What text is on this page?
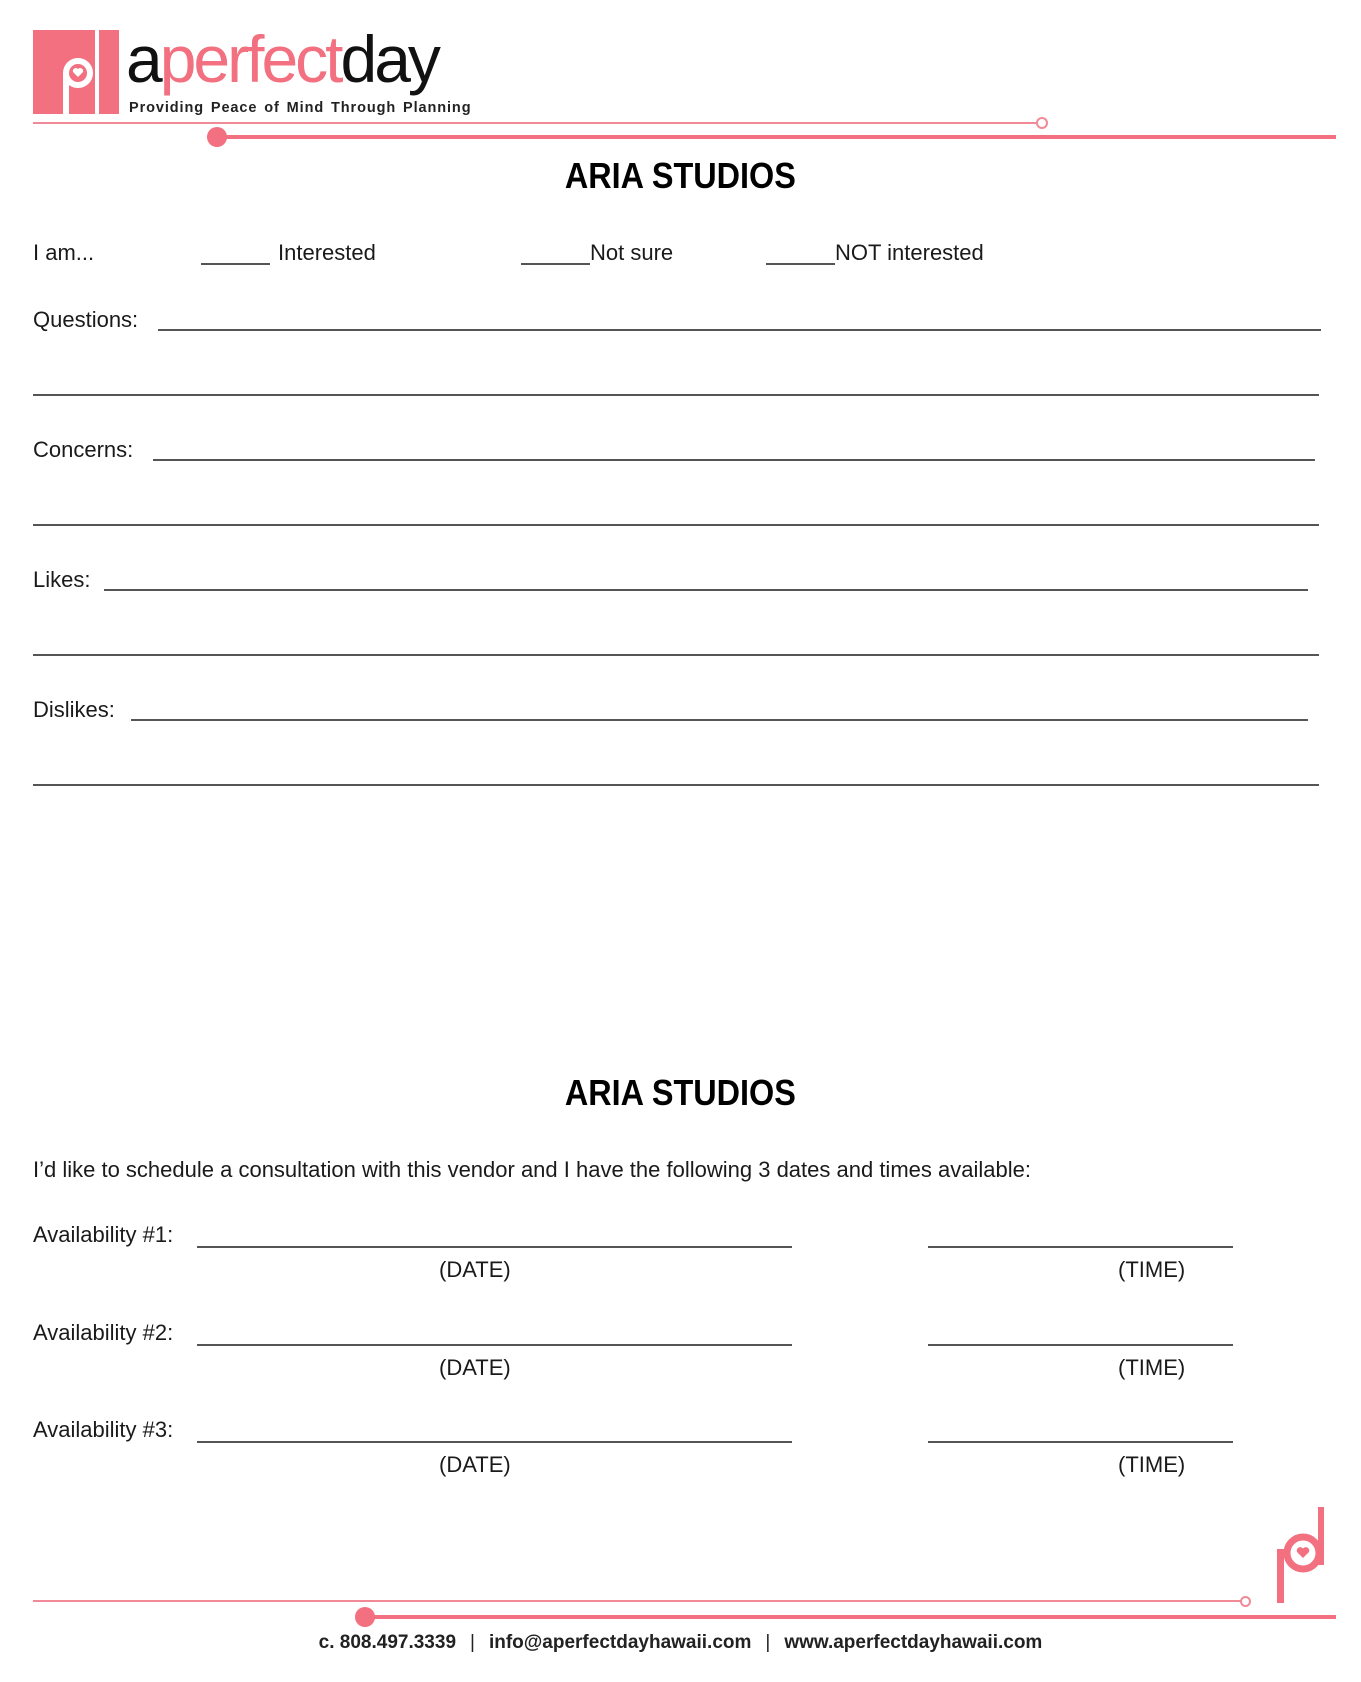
aperfectday
Providing Peace of Mind Through Planning
ARIA STUDIOS
I am...	Interested	Not sure	NOT interested
Questions:
Concerns:
Likes:
Dislikes:
ARIA STUDIOS
I’d like to schedule a consultation with this vendor and I have the following 3 dates and times available:
Availability #1:
(DATE)	(TIME)
Availability #2:
(DATE)	(TIME)
Availability #3:
(DATE)	(TIME)
c. 808.497.3339 | info@aperfectdayhawaii.com | www.aperfectdayhawaii.com
